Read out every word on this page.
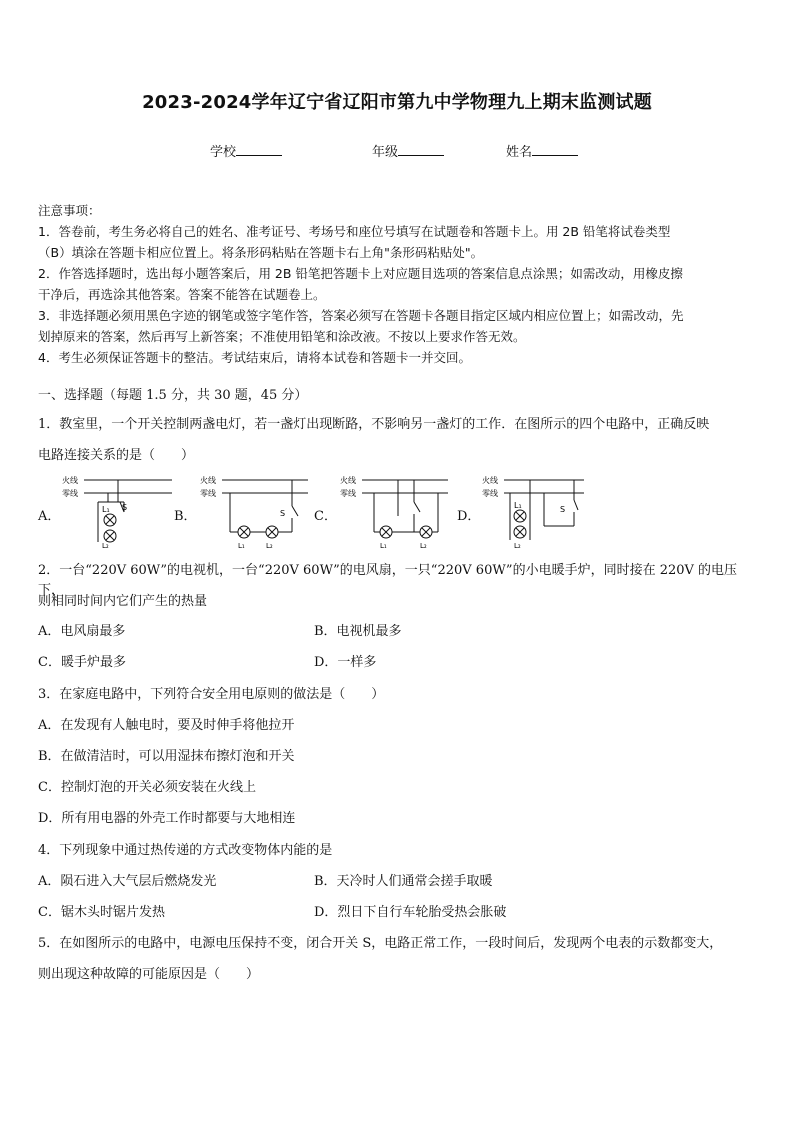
2023-2024学年辽宁省辽阳市第九中学物理九上期末监测试题
学校	年级	姓名
注意事项：
1．答卷前，考生务必将自己的姓名、准考证号、考场号和座位号填写在试题卷和答题卡上。用 2B 铅笔将试卷类型
（B）填涂在答题卡相应位置上。将条形码粘贴在答题卡右上角"条形码粘贴处"。
2．作答选择题时，选出每小题答案后，用 2B 铅笔把答题卡上对应题目选项的答案信息点涂黑；如需改动，用橡皮擦
干净后，再选涂其他答案。答案不能答在试题卷上。
3．非选择题必须用黑色字迹的钢笔或签字笔作答，答案必须写在答题卡各题目指定区域内相应位置上；如需改动，先
划掉原来的答案，然后再写上新答案；不准使用铅笔和涂改液。不按以上要求作答无效。
4．考生必须保证答题卡的整洁。考试结束后，请将本试卷和答题卡一并交回。
一、选择题（每题 1.5 分，共 30 题，45 分）
1．教室里，一个开关控制两盏电灯，若一盏灯出现断路，不影响另一盏灯的工作．在图所示的四个电路中，正确反映
电路连接关系的是（　　）
A．	B．	C．	D．
火线
零线
L₁ S
L₂
火线
零线
S
L₁	L₂
火线
零线
L₁	L₂
火线
零线
L₁	S
L₂
2．一台“220V 60W”的电视机，一台“220V 60W”的电风扇，一只“220V 60W”的小电暖手炉，同时接在 220V 的电压下，
则相同时间内它们产生的热量
A．电风扇最多	B．电视机最多
C．暖手炉最多	D．一样多
3．在家庭电路中，下列符合安全用电原则的做法是（　　）
A．在发现有人触电时，要及时伸手将他拉开
B．在做清洁时，可以用湿抹布擦灯泡和开关
C．控制灯泡的开关必须安装在火线上
D．所有用电器的外壳工作时都要与大地相连
4．下列现象中通过热传递的方式改变物体内能的是
A．陨石进入大气层后燃烧发光	B．天冷时人们通常会搓手取暖
C．锯木头时锯片发热	D．烈日下自行车轮胎受热会胀破
5．在如图所示的电路中，电源电压保持不变，闭合开关 S，电路正常工作，一段时间后，发现两个电表的示数都变大，
则出现这种故障的可能原因是（　　）
